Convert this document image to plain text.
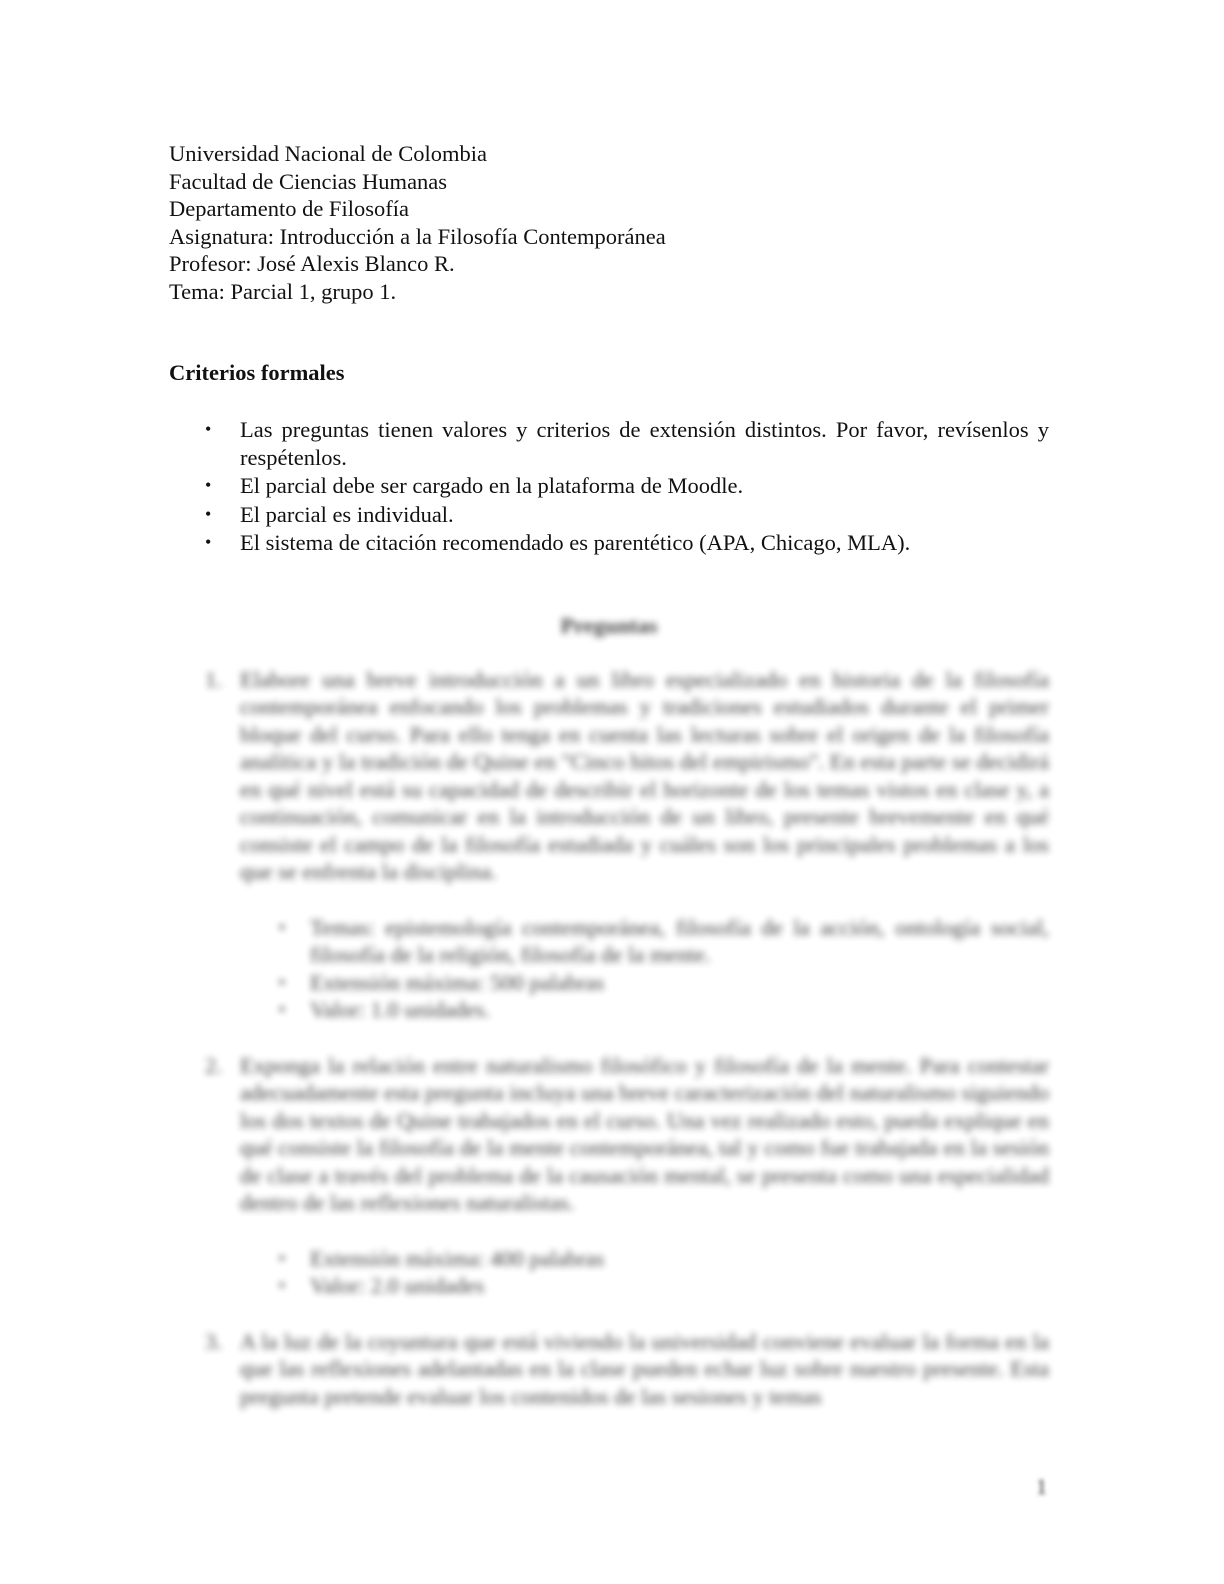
Universidad Nacional de Colombia
Facultad de Ciencias Humanas
Departamento de Filosofía
Asignatura: Introducción a la Filosofía Contemporánea
Profesor: José Alexis Blanco R.
Tema: Parcial 1, grupo 1.
Criterios formales
• Las preguntas tienen valores y criterios de extensión distintos. Por favor, revísenlos y respétenlos.
• El parcial debe ser cargado en la plataforma de Moodle.
• El parcial es individual.
• El sistema de citación recomendado es parentético (APA, Chicago, MLA).
Preguntas
1. Elabore una breve introducción a un libro especializado en historia de la filosofía contemporánea enfocando los problemas y tradiciones estudiados durante el primer bloque del curso. Para ello tenga en cuenta las lecturas sobre el origen de la filosofía analítica y la tradición de Quine en "Cinco hitos del empirismo". En esta parte se decidirá en qué nivel está su capacidad de describir el horizonte de los temas vistos en clase y, a continuación, comunicar en la introducción de un libro, presente brevemente en qué consiste el campo de la filosofía estudiada y cuáles son los principales problemas a los que se enfrenta la disciplina.
▪ Temas: epistemología contemporánea, filosofía de la acción, ontología social, filosofía de la religión, filosofía de la mente.
▪ Extensión máxima: 500 palabras
▪ Valor: 1.0 unidades.
2. Exponga la relación entre naturalismo filosófico y filosofía de la mente. Para contestar adecuadamente esta pregunta incluya una breve caracterización del naturalismo siguiendo los dos textos de Quine trabajados en el curso. Una vez realizado esto, pueda explique en qué consiste la filosofía de la mente contemporánea, tal y como fue trabajada en la sesión de clase a través del problema de la causación mental, se presenta como una especialidad dentro de las reflexiones naturalistas.
▪ Extensión máxima: 400 palabras
▪ Valor: 2.0 unidades
3. A la luz de la coyuntura que está viviendo la universidad conviene evaluar la forma en la que las reflexiones adelantadas en la clase pueden echar luz sobre nuestro presente. Esta pregunta pretende evaluar los contenidos de las sesiones y temas
1
